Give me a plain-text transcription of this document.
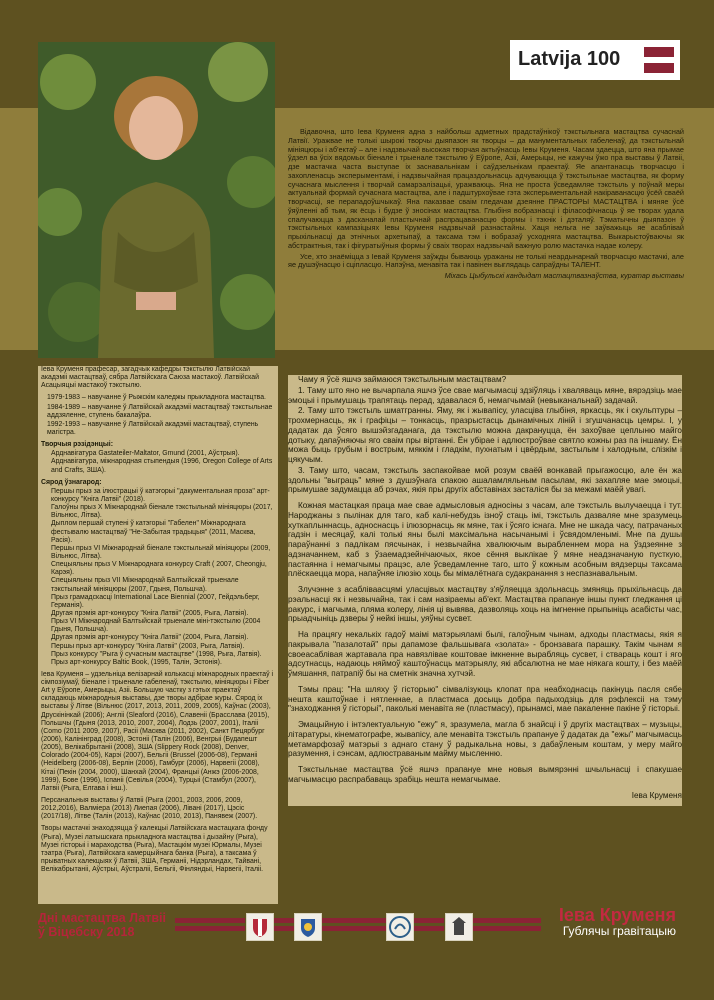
Latvija 100

Відавочна, што Іева Круменя адна з найбольш адметных прадстаўнікоў тэкстыльнага мастацтва сучаснай Латвії. Уражвае не толькі шырокі творчы дыяпазон як творцы – да манументальных габеленаў, да тэкстыльнай мініяцюры і аб'ектаў – але і надзвычай высокая творчая актыўнасць Іевы Круменя. Часам здаецца, што яна прымае ўдзел ва ўсіх вядомых біенале і трыенале тэкстылю ў Еўропе, Азіі, Амерыцы, не кажучы ўжо пра выставы ў Латвіі, дзе мастачка часта выступае іх заснавальнікам і саўдзельнікам праектаў. Яе апантанасць творчасцю і захопленасць эксперыментамі, і надзвычайная працаздольнасць адчуваюцца ў тэкстыльнае мастацтва, як форму сучаснага мыслення і творчай самарэалізацыі, уражваюць. Яна не проста ўсведамляе тэкстыль у поўнай меры актуальнай формай сучаснага мастацтва, але і падштурхоўвае гэта эксперыментальнай накіраванасцю ўсёй сваёй творчасці, яе перападоўшчыкаў. Яна паказвае сваім гледачам дзеянне ПРАСТОРЫ МАСТАЦТВА і мяняе ўсё ўяўленні аб тым, як ёсць і будзе ў зносінах мастацтва. Глыбіня вобразнасці і філасофічнасць ў яе творах удала спалучаюцца з дасканалай пластычнай распрацаванасцю формы і тэхнік і дэталяў. Тэматычны дыяпазон ў тэкстыльных кампазіцыях Іевы Круменя надзвычай разнастайны. Хаця нельга не заўважыць яе асаблівай прыхільнасці да этнічных архетыпаў, а таксама тэм і вобразаў усходняга мастацтва. Выкарыстоўваючы як абстрактныя, так і фігуратыўныя формы ў сваіх творах надзвычай важную ролю мастачка надае колеру.

Усе, хто знаёміцца з Іевай Круменя заўжды бываюць уражаны не толькі неардынарнай творчасцю мастачкі, але яе душэўнасцю і сціпласцю. Напэўна, менавіта так і павінен выглядаць сапраўдны ТАЛЕНТ.

Міхась Цыбульскі кандыдат мастацтвазнаўства, куратар выставы

Іева Круменя прафесар, загадчык кафедры тэкстылю Латвійскай акадэміі мастацтваў, сябра Латвійскага Саюза мастакоў. Латвійскай Асацыяцыі мастакоў тэкстылю.

1979-1983 – навучанне ў Рыжскім каледжы прыкладнога мастацтва.

1984-1989 – навучанне ў Латвійскай акадэміі мастацтваў тэкстыльнае аддзяленне, ступень бакалаўра.

1992-1993 – навучанне ў Латвійскай акадэміі мастацтваў, ступень магістра.

Творчыя рэзідэнцыі:

Арднавігатура Gastateiler-Maltator, Gmund (2001, Аўстрыя).

Арднавігатура, міжнародная стыпендыя (1996, Oregon College of Arts and Crafts, ЗША).

Сярод ўзнагарод:

Першы прыз за ілюстрацыі ў катэгорыі "дакументальная проза" арт-конкурсу "Кніга Латвіі" (2018).

Галоўны прыз X Міжнароднай біенале тэкстыльнай мініяцюры (2017, Вільнюс, Літва).

Дыплом першай ступені ў катэгорыі "Габелен" Міжнароднага фестывалю мастацтваў "Не-Забытая традыцыя" (2011, Масква, Расія).

Першы прыз VI Міжнароднай біенале тэкстыльнай мініяцюры (2009, Вільнюс, Літва).

Спецыяльны прыз V Міжнароднага конкурсу Craft ( 2007, Cheongju, Карэя).

Спецыяльны прыз VII Міжнароднай Балтыйскай трыенале тэкстыльнай мініяцюры (2007, Гдыня, Польшча).

Прыз грамадскасці International Lace Biennial (2007, Гейдэльберг, Германія).

Другая прэмія арт-конкурсу "Кніга Латвіі" (2005, Рыга, Латвія).

Прыз VI Міжнароднай Балтыйскай трыенале міні-тэкстылю (2004 Гдыня, Польшча).

Другая прэмія арт-конкурсу "Кніга Латвіі" (2004, Рыга, Латвія).

Першы прыз арт-конкурсу "Кніга Латвіі" (2003, Рыга, Латвія).

Прыз конкурсу "Рыга ў сучасным мастацтве" (1998, Рыга, Латвія).

Прыз арт-конкурсу Baltic Book, (1995, Талін, Эстонія).

Іева Круменя – удзельніца велізарнай колькасці міжнародных праектаў і сімпозіумаў, біенале і трыенале габеленаў, тэкстылю, мініяцюры і Fiber Art у Еўропе, Амерыцы, Азіі. Большую частку з гэтых праектаў складаюць міжнародныя выставы, дзе творы адбірае журы. Сярод іх выставы ў Літве (Вільнюс (2017, 2013, 2011, 2009, 2005), Каўнас (2003), Друскінінкай (2006); Англіі (Sleaford (2016), Славеніі (Брасслава (2015), Польшчы (Гдыня (2013, 2010, 2007, 2004), Лодзь (2007, 2001), Італіі (Como (2011 2009, 2007), Расіі (Масква (2011, 2002), Санкт Пецярбург (2006), Калінінград (2008), Эстоніі (Талін (2006), Венгрыі (Будапешт (2005), Велікабрытаніі (2008), ЗША (Slippery Rock (2008), Denver, Colorado (2004-05), Карэі (2007), Бельгіі (Brussel (2006-08), Германіі (Heidelberg (2006-08), Берлін (2006), Гамбург (2006), Нарвегіі (2008), Кітаі (Пекін (2004, 2000), Шанхай (2004), Францыі (Анжэ (2006-2008, 1999), Бове (1996), Іспаніі (Севілья (2004), Турцыі (Стамбул (2007), Латвіі (Рыга, Елгава і інш.).

Персанальныя выставы ў Латвіі (Рыга (2001, 2003, 2006, 2009, 2012,2016), Валміера (2013) Лиепая (2006), Лівані (2017), Цэсіс (2017/18), Літве (Талін (2013), Каўнас (2010, 2013), Панявеж (2007).

Творы мастачкі знаходзяцца ў калекцыі Латвійскага мастацкага фонду (Рыга), Музеі латышскага прыкладнога мастацтва і дызайну (Рыга), Музеі гісторыі і мараходства (Рыга), Мастацкім музеі Юрмалы, Музеі тэатра (Рыга), Латвійскага камерцыйнага банка (Рыга), а таксама ў прыватных калекцыях ў Латвіі, ЗША, Германіі, Нідэрландах, Тайвані, Велікабрытаніі, Аўстрыі, Аўстраліі, Бельгіі, Фінляндыі, Нарвегіі, Італіі.

Чаму я ўсё яшчэ займаюся тэкстыльным мастацтвам?

1. Таму што яно не вычарпала яшчэ ўсе свае магчымасці здзіўляць і хваляваць мяне, вярэдзіць мае эмоцыі і прымушаць трапятаць перад, здавалася б, немагчымай (невыканальнай) задачай.

2. Таму што тэкстыль шматгранны. Яму, як і жывапісу, уласціва глыбіня, яркасць, як і скульптуры – трохмернасць, як і графіцы – тонкасць, празрыстасць дынамічных ліній і згушчанасць цемры. І, у дадатак да ўсяго вышэйзгаданага, да тэкстылю можна дакрануцца, ён захоўвае цеплыню майго дотыку, дапаўняючы яго сваім пры віртанні. Ён убірае і адлюстроўвае святло кожны раз па іншаму. Ён можа быць грубым і вострым, мяккім і гладкім, пухнатым і цвёрдым, застылым і халодным, слізкім і цякучым.

3. Таму што, часам, тэкстыль заспакойвае мой розум сваёй вонкавай прыгажосцю, але ён жа здольны "выграць" мяне з душэўнага спакою ашаламляльным пасылам, які захапляе мае эмоцыі, прымушае задумацца аб рэчах, якія пры другіх абставінах засталіся бы за межамі маёй увагі.

Кожная мастацкая праца мае свае адмысловыя адносіны з часам, але тэкстыль вылучаецца і тут. Народжаны з пылінак для таго, каб калі-небудзь ізноў стаць імі, тэкстыль дазваляе мне зразумець хуткаплыннасць, адноснасць і ілюзорнасць як мяне, так і ўсяго існага. Мне не шкада часу, патрачаных гадзін і месяцаў, калі толькі яны былі максімальна насычанымі і ўсвядомленымі. Мне па душы параўнанні з падлікам пясчынак, і незвычайна хвалюючым вырабленнем мора на ўздзеянне з адзначаннем, каб з ўзаемадзейнічаючых, якое сёння выклікае ў мяне неадзначаную пусткую, пастаянна і немагчымы працэс, але ўсведамленне таго, што ў кожным асобным вядзерцы таксама плёскаецца мора, напаўняе ілюзію хоць бы мімалётнага судакранання з неспазнавальным.

Злучэнне з асабліваасцямі уласцівых мастацтву з'яўляецца здольнасць змяняць прыхільнасць да рэальнасці як і незвычайна, так і сам назіраемы аб'ект. Мастацтва прапануе іншы пункт гледжання ці ракурс, і магчыма, пляма колеру, лінія ці вывява, дазволяць хоць на імгненне прыпыніць асабісты час, прыадчыніць дзверы ў нейкі іншы, уяўны сусвет.

На працягу некалькіх гадоў маімі матэрыяламі былі, галоўным чынам, адходы пластмасы, якія я пакрывала "пазалотай" пры дапамозе фальшывага «золата» - бронзавага парашку. Такім чынам я своеасаблівая жартавала пра навязлівае коштовае імкненне вырабляць сусвет, і ствараць кошт і яго адсутнасць, надаюць няймоў каштоўнасць матэрыялу, які абсалютна не мае ніякага кошту, і без маёй ўмяшання, патрапіў бы на сметнік значна хутчэй.

Тэмы прац: "На шляху ў гісторыю" сімвалізуюць клопат пра неабходнасць пакінуць пасля сябе нешта каштоўнае і нятленнае, а пластмаса досыць добра падыходзіць для рэфлексіі на тэму "знаходжання ў гісторыі", паколькі менавіта яе (пластмасу), прынамсі, мае пакаленне пакіне ў гісторыі.

Эмацыйную і інтэлектуальную "ежу" я, зразумела, магла б знайсці і ў другіх мастацтвах – музыцы, літаратуры, кінематографе, жывапісу, але менавіта тэкстыль прапануе ў дадатак да "ежы" магчымасць метамарфозаў матэрыі з аднаго стану ў радыкальна новы, з дабаўленым коштам, у меру майго разумення, і сэнсам, адлюстраваным майму мысленню.

Тэкстыльнае мастацтва ўсё яшчэ прапануе мне новыя вымярэнні шчыльнасці і спакушае магчымасцю распрабаваць зрабіць нешта немагчымае.

Іева Круменя

Дні мастацтва Латвіі
ў Віцебску 2018
Іева Круменя
Гублячы гравітацыю
